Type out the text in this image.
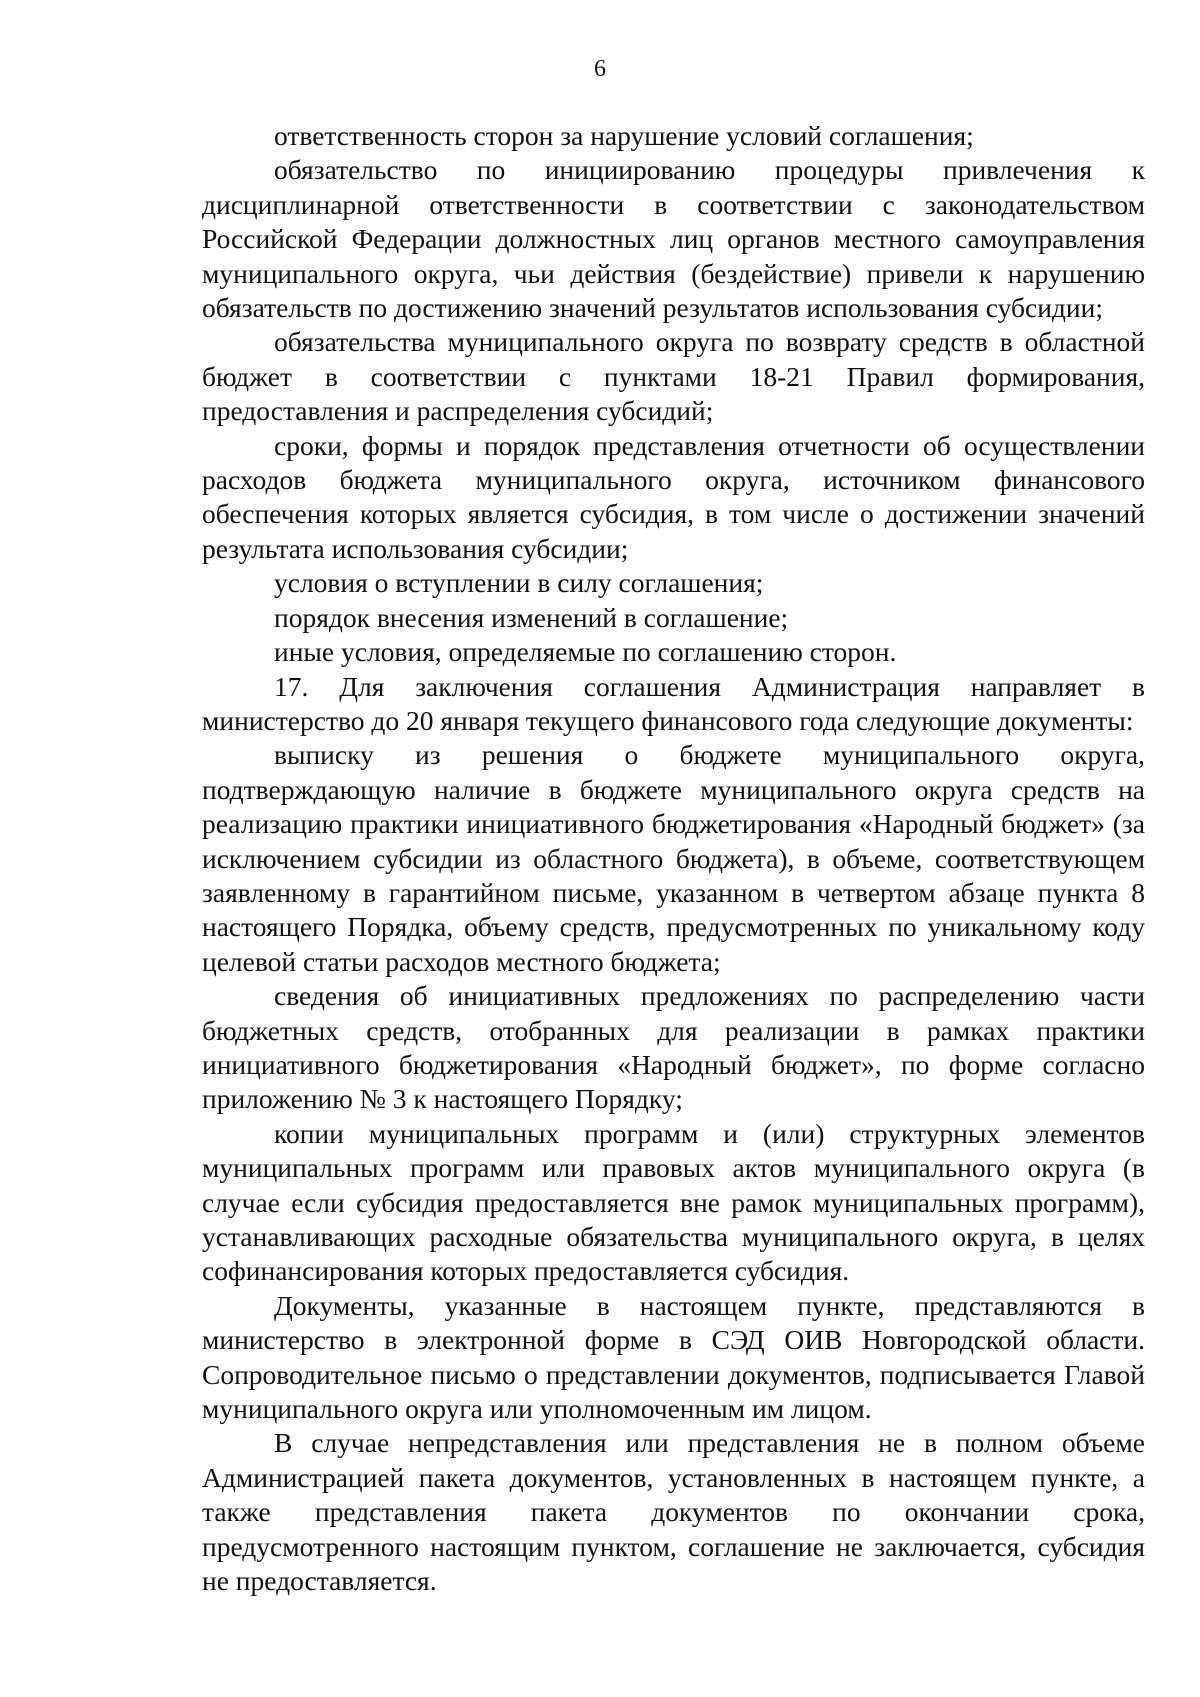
6

ответственность сторон за нарушение условий соглашения;

обязательство по инициированию процедуры привлечения к дисциплинарной ответственности в соответствии с законодательством Российской Федерации должностных лиц органов местного самоуправления муниципального округа, чьи действия (бездействие) привели к нарушению обязательств по достижению значений результатов использования субсидии;

обязательства муниципального округа по возврату средств в областной бюджет в соответствии с пунктами 18-21 Правил формирования, предоставления и распределения субсидий;

сроки, формы и порядок представления отчетности об осуществлении расходов бюджета муниципального округа, источником финансового обеспечения которых является субсидия, в том числе о достижении значений результата использования субсидии;

условия о вступлении в силу соглашения;

порядок внесения изменений в соглашение;

иные условия, определяемые по соглашению сторон.

17. Для заключения соглашения Администрация направляет в министерство до 20 января текущего финансового года следующие документы:

выписку из решения о бюджете муниципального округа, подтверждающую наличие в бюджете муниципального округа средств на реализацию практики инициативного бюджетирования «Народный бюджет» (за исключением субсидии из областного бюджета), в объеме, соответствующем заявленному в гарантийном письме, указанном в четвертом абзаце пункта 8 настоящего Порядка, объему средств, предусмотренных по уникальному коду целевой статьи расходов местного бюджета;

сведения об инициативных предложениях по распределению части бюджетных средств, отобранных для реализации в рамках практики инициативного бюджетирования «Народный бюджет», по форме согласно приложению № 3 к настоящего Порядку;

копии муниципальных программ и (или) структурных элементов муниципальных программ или правовых актов муниципального округа (в случае если субсидия предоставляется вне рамок муниципальных программ), устанавливающих расходные обязательства муниципального округа, в целях софинансирования которых предоставляется субсидия.

Документы, указанные в настоящем пункте, представляются в министерство в электронной форме в СЭД ОИВ Новгородской области. Сопроводительное письмо о представлении документов, подписывается Главой муниципального округа или уполномоченным им лицом.

В случае непредставления или представления не в полном объеме Администрацией пакета документов, установленных в настоящем пункте, а также представления пакета документов по окончании срока, предусмотренного настоящим пунктом, соглашение не заключается, субсидия не предоставляется.
